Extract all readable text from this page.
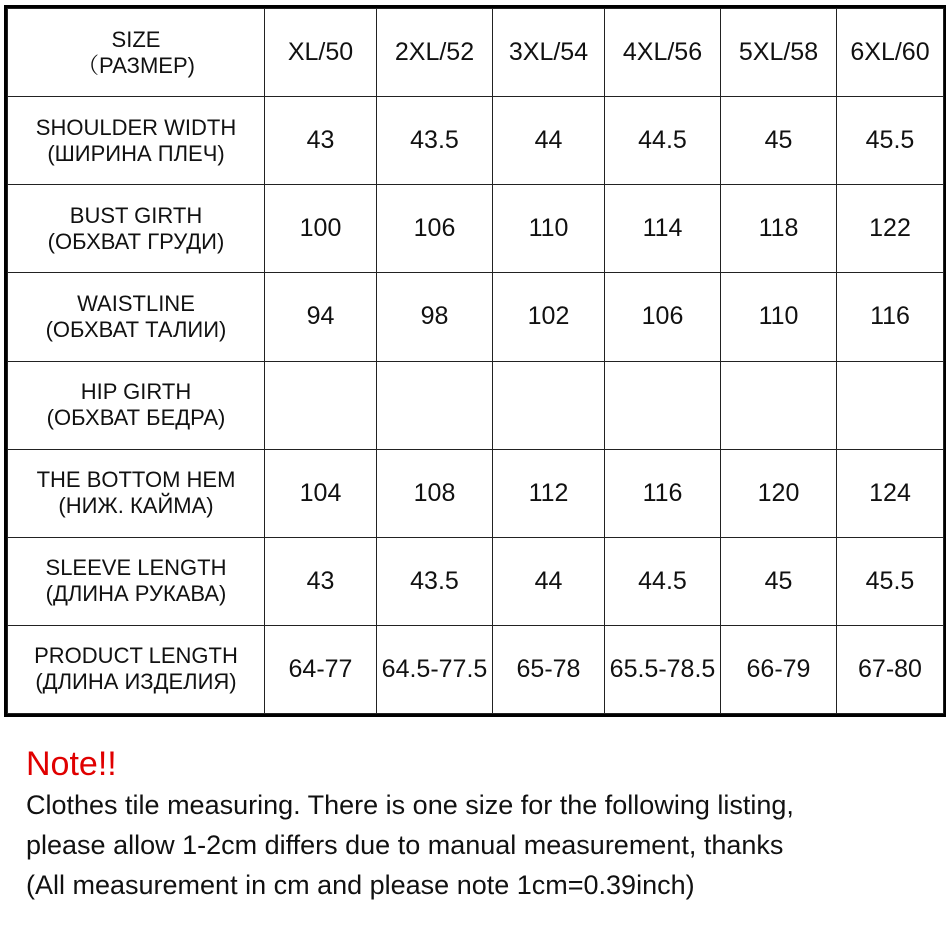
SIZE
（РАЗМЕР)	XL/50	2XL/52	3XL/54	4XL/56	5XL/58	6XL/60

SHOULDER WIDTH
(ШИРИНА ПЛЕЧ)	43	43.5	44	44.5	45	45.5

BUST GIRTH
(ОБХВАТ ГРУДИ)	100	106	110	114	118	122

WAISTLINE
(ОБХВАТ ТАЛИИ)	94	98	102	106	110	116

HIP GIRTH
(ОБХВАТ БЕДРА)						

THE BOTTOM HEM
(НИЖ. КАЙМА)	104	108	112	116	120	124

SLEEVE LENGTH
(ДЛИНА РУКАВА)	43	43.5	44	44.5	45	45.5

PRODUCT LENGTH
(ДЛИНА ИЗДЕЛИЯ)	64-77	64.5-77.5	65-78	65.5-78.5	66-79	67-80
Note!!
Clothes tile measuring. There is one size for the following listing,
please allow 1-2cm differs due to manual measurement, thanks
(All measurement in cm and please note 1cm=0.39inch)
